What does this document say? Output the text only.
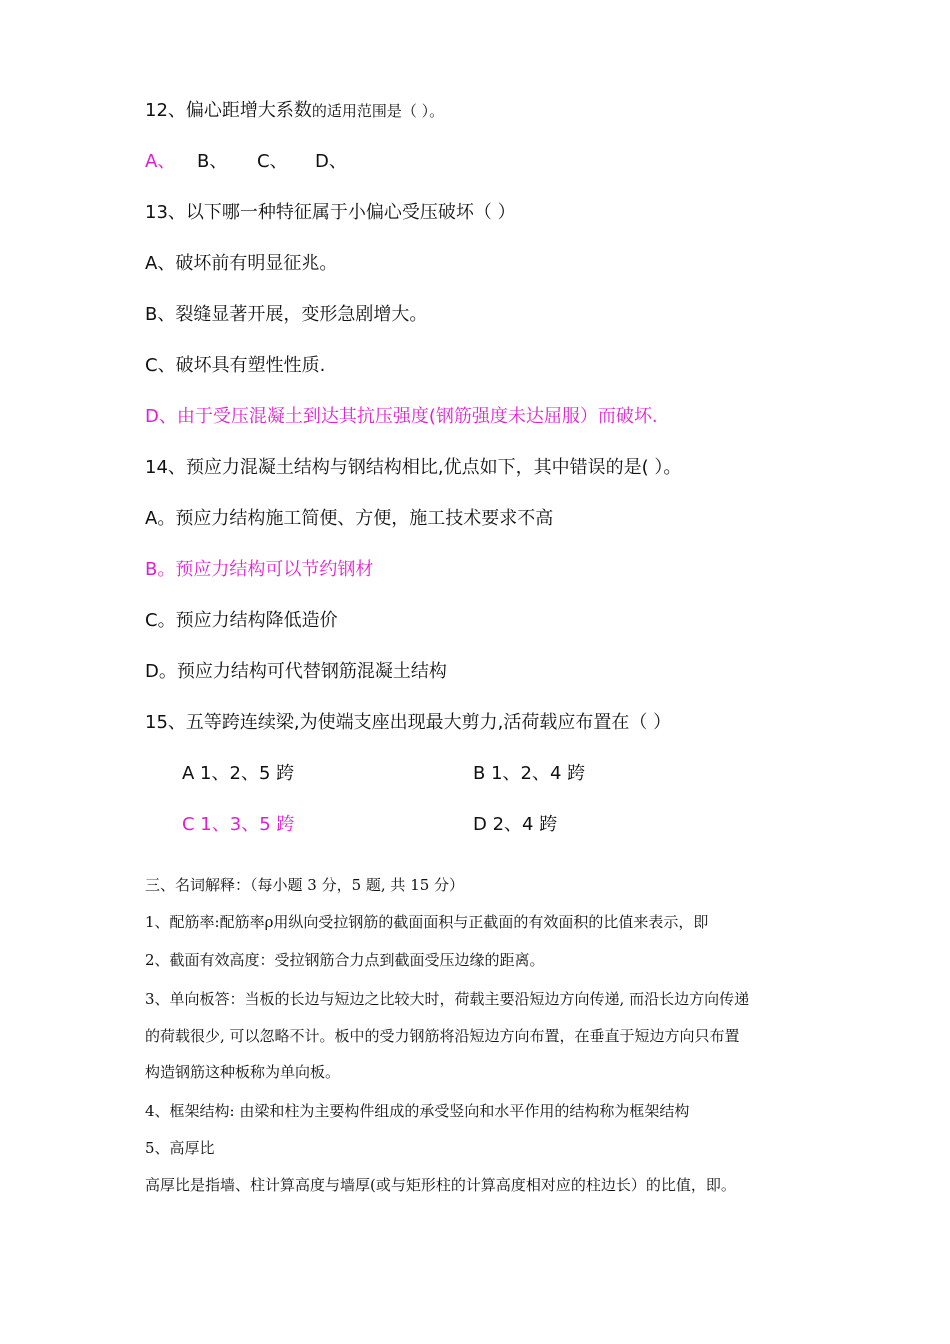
12、偏心距增大系数的适用范围是（ ）。
A、 B、 C、 D、
13、以下哪一种特征属于小偏心受压破坏（ ）
A、破坏前有明显征兆。
B、裂缝显著开展，变形急剧增大。
C、破坏具有塑性性质.
D、由于受压混凝土到达其抗压强度(钢筋强度未达屈服）而破坏.
14、预应力混凝土结构与钢结构相比,优点如下，其中错误的是( ）。
A。预应力结构施工简便、方便，施工技术要求不高
B。预应力结构可以节约钢材
C。预应力结构降低造价
D。预应力结构可代替钢筋混凝土结构
15、五等跨连续梁,为使端支座出现最大剪力,活荷载应布置在（ ）
A 1、2、5 跨	B 1、2、4 跨
C 1、3、5 跨	D 2、4 跨
三、名词解释：（每小题 3 分，5 题, 共 15 分）
1、配筋率:配筋率ρ用纵向受拉钢筋的截面面积与正截面的有效面积的比值来表示，即
2、截面有效高度：受拉钢筋合力点到截面受压边缘的距离。
3、单向板答：当板的长边与短边之比较大时，荷载主要沿短边方向传递, 而沿长边方向传递
的荷载很少, 可以忽略不计。板中的受力钢筋将沿短边方向布置，在垂直于短边方向只布置
构造钢筋这种板称为单向板。
4、框架结构: 由梁和柱为主要构件组成的承受竖向和水平作用的结构称为框架结构
5、高厚比
高厚比是指墙、柱计算高度与墙厚(或与矩形柱的计算高度相对应的柱边长）的比值，即。
